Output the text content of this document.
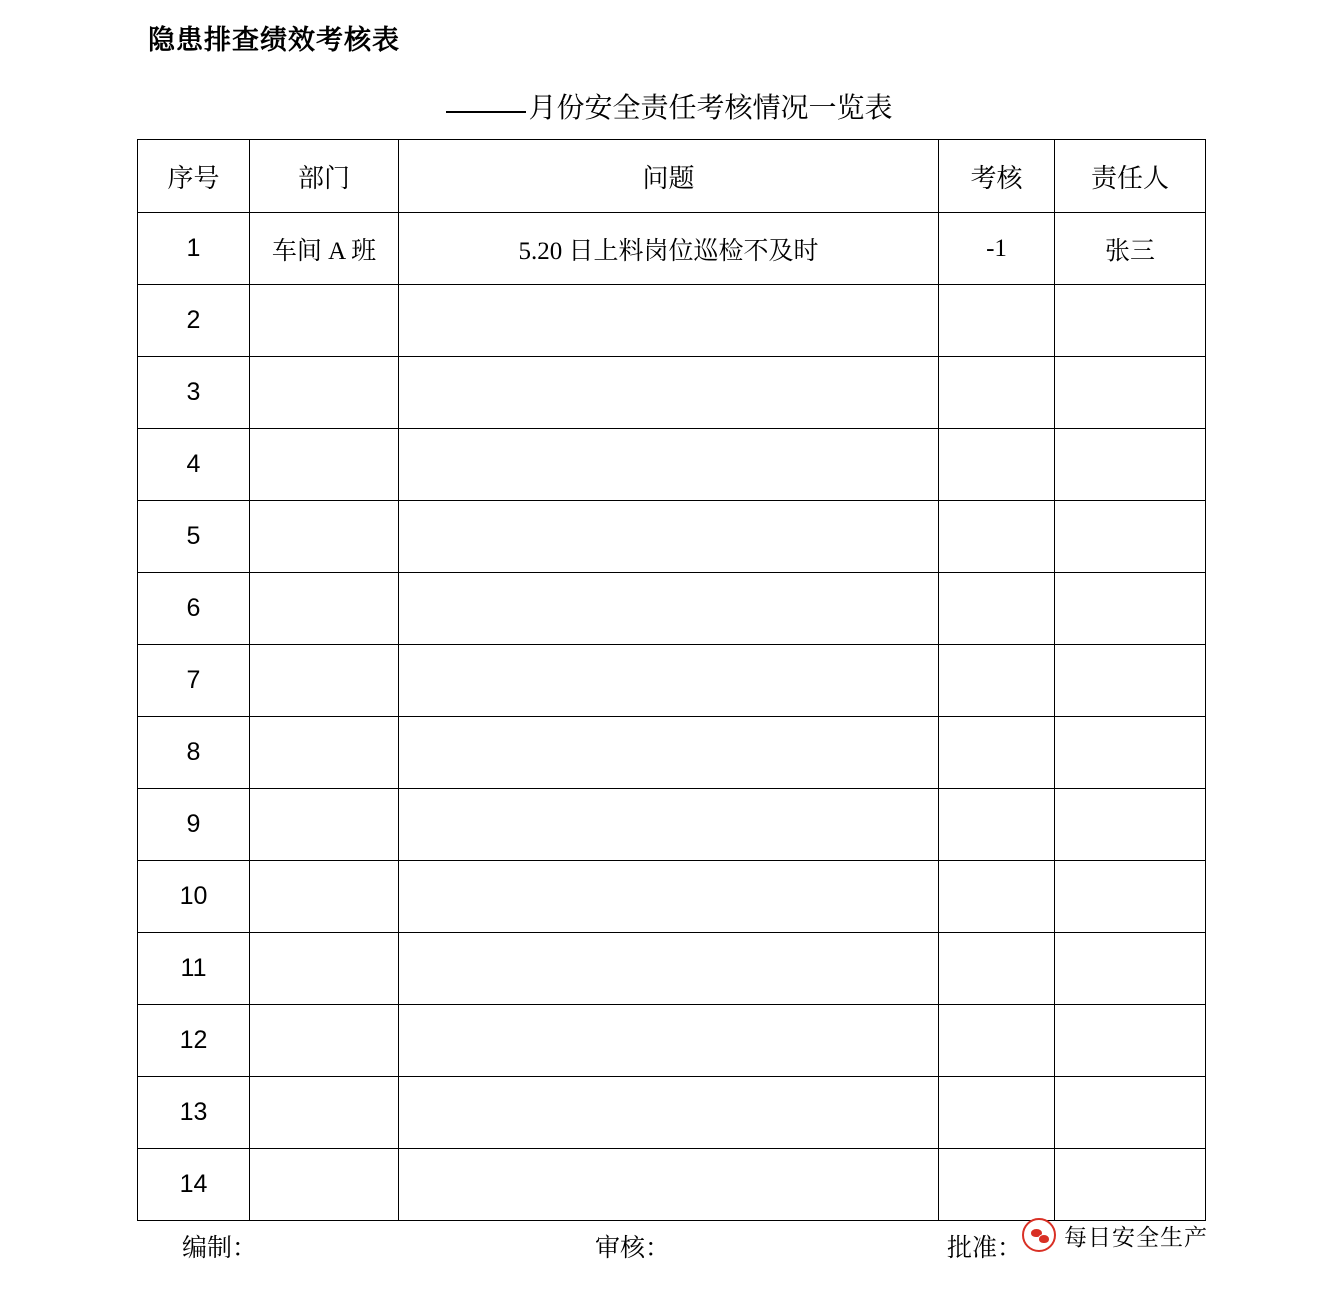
隐患排查绩效考核表
月份安全责任考核情况一览表
序号	部门	问题	考核	责任人
1	车间 A 班	5.20 日上料岗位巡检不及时	-1	张三
2				
3				
4				
5				
6				
7				
8				
9				
10				
11				
12				
13				
14				
编制：	审核：	批准： 每日安全生产
